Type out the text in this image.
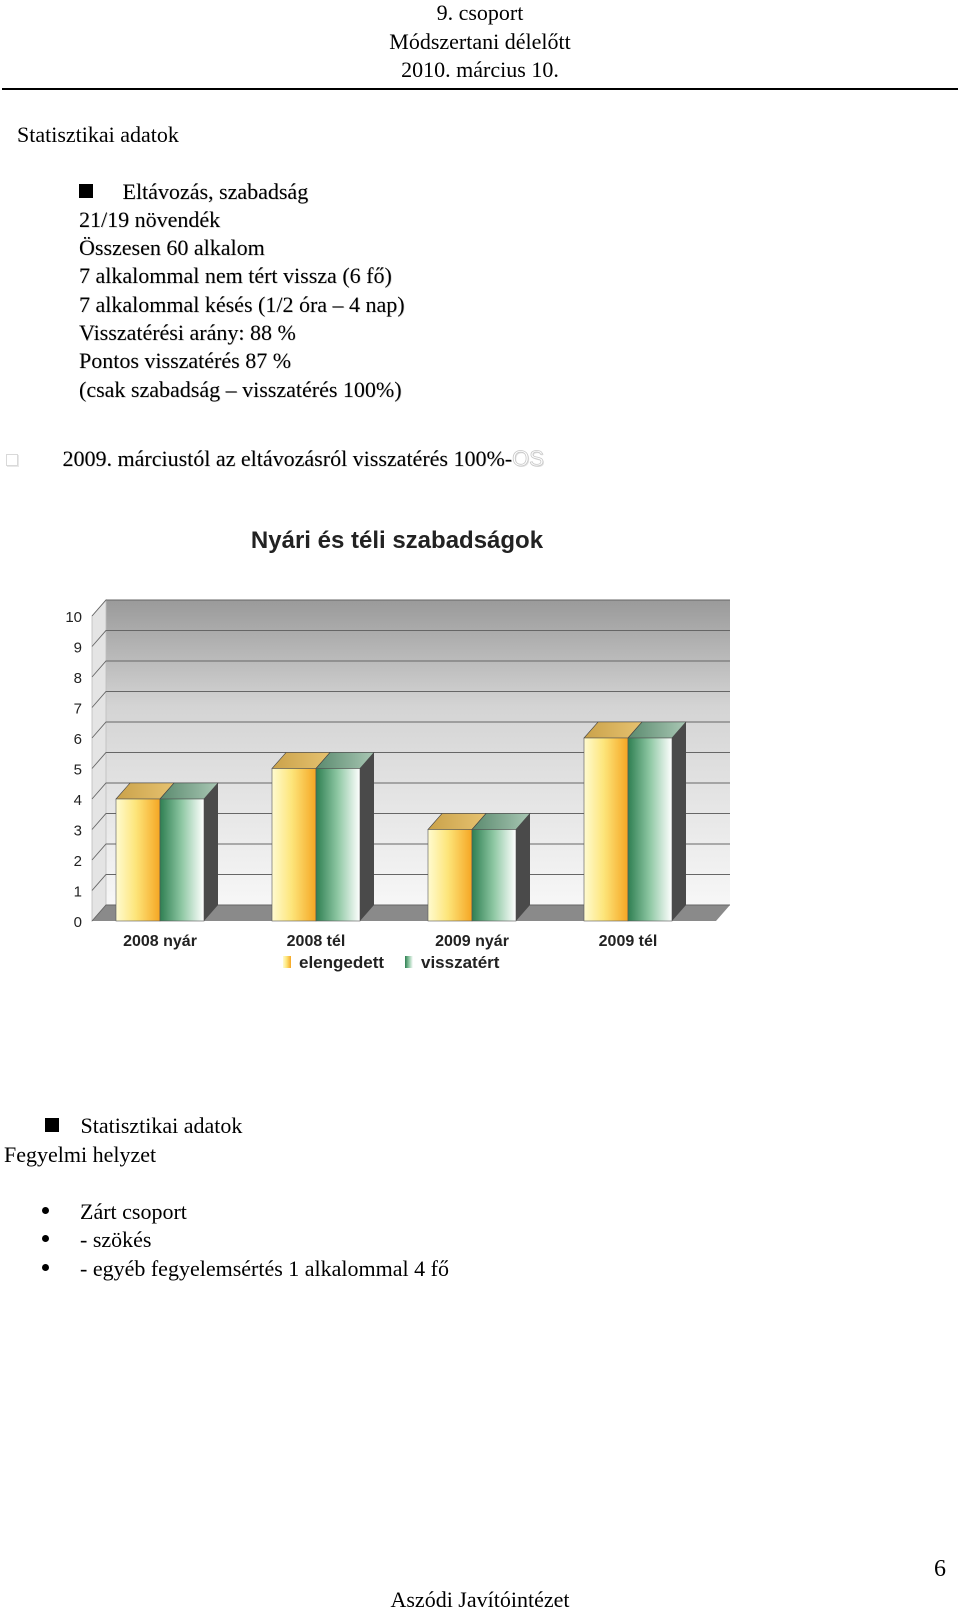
9. csoport
Módszertani délelőtt
2010. március 10.
Statisztikai adatok
Eltávozás, szabadság
21/19 növendék
Összesen 60 alkalom
7 alkalommal nem tért vissza (6 fő)
7 alkalommal késés (1/2 óra – 4 nap)
Visszatérési arány: 88 %
Pontos visszatérés 87 %
(csak szabadság – visszatérés 100%)
2009. márciustól az eltávozásról visszatérés 100%-OS
Nyári és téli szabadságok
0
1
2
3
4
5
6
7
8
9
10
2008 nyár	2008 tél	2009 nyár	2009 tél
elengedett visszatért
Statisztikai adatok
Fegyelmi helyzet
Zárt csoport
- szökés
- egyéb fegyelemsértés 1 alkalommal 4 fő
6
Aszódi Javítóintézet
